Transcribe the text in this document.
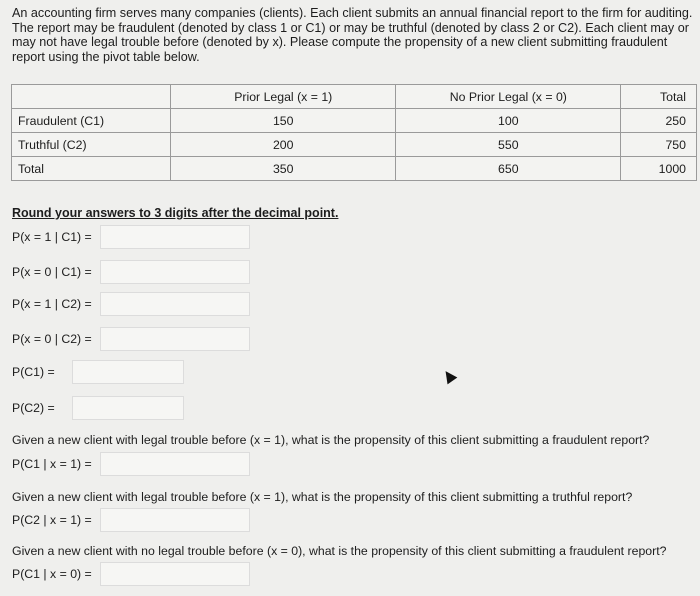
An accounting firm serves many companies (clients). Each client submits an annual financial report to the firm for auditing. The report may be fraudulent (denoted by class 1 or C1) or may be truthful (denoted by class 2 or C2). Each client may or may not have legal trouble before (denoted by x). Please compute the propensity of a new client submitting fraudulent report using the pivot table below.

	Prior Legal (x = 1)	No Prior Legal (x = 0)	Total
Fraudulent (C1)	150	100	250
Truthful (C2)	200	550	750
Total	350	650	1000

Round your answers to 3 digits after the decimal point.

P(x = 1 | C1) =
P(x = 0 | C1) =
P(x = 1 | C2) =
P(x = 0 | C2) =
P(C1) =
P(C2) =

Given a new client with legal trouble before (x = 1), what is the propensity of this client submitting a fraudulent report?

P(C1 | x = 1) =

Given a new client with legal trouble before (x = 1), what is the propensity of this client submitting a truthful report?

P(C2 | x = 1) =

Given a new client with no legal trouble before (x = 0), what is the propensity of this client submitting a fraudulent report?

P(C1 | x = 0) =
